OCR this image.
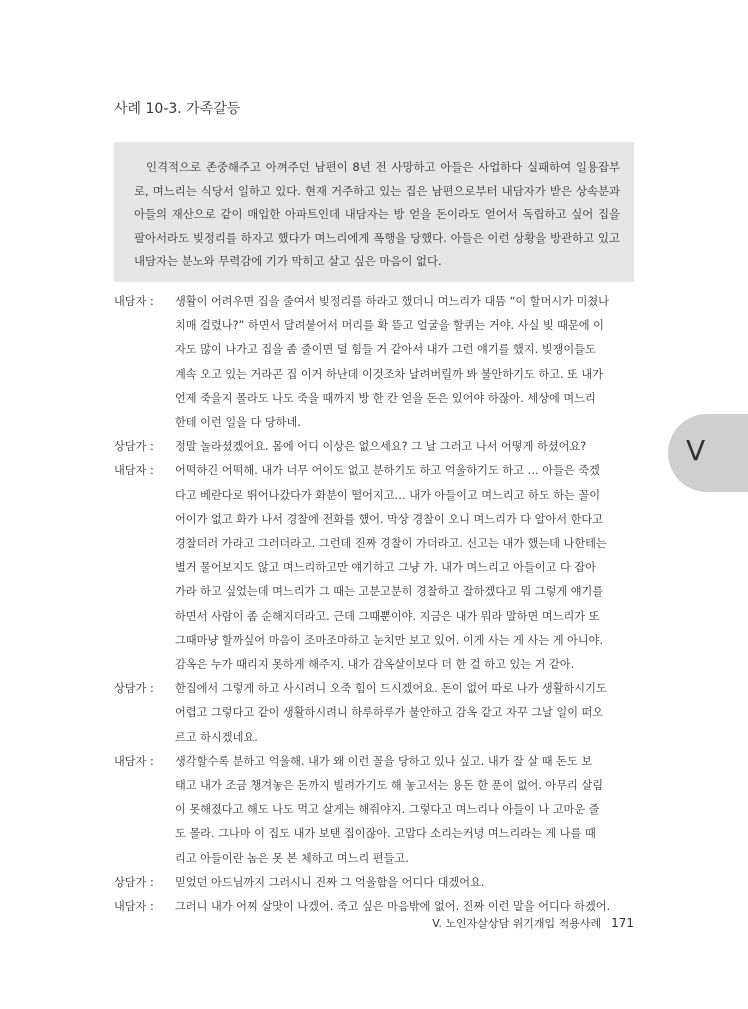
사례 10-3. 가족갈등

인격적으로 존중해주고 아껴주던 남편이 8년 전 사망하고 아들은 사업하다 실패하여 일용잡부로, 며느리는 식당서 일하고 있다. 현재 거주하고 있는 집은 남편으로부터 내담자가 받은 상속분과 아들의 재산으로 같이 매입한 아파트인데 내담자는 방 얻을 돈이라도 얻어서 독립하고 싶어 집을 팔아서라도 빚정리를 하자고 했다가 며느리에게 폭행을 당했다. 아들은 이런 상황을 방관하고 있고 내담자는 분노와 무력감에 기가 막히고 살고 싶은 마음이 없다.

내담자 :	생활이 어려우면 집을 줄여서 빚정리를 하라고 했더니 며느리가 대뜸 “이 할머시가 미쳤나
치매 걸렸나?” 하면서 달려붙어서 머리를 확 뜯고 얼굴을 할퀴는 거야. 사실 빚 때문에 이
자도 많이 나가고 집을 좀 줄이면 덜 힘들 거 같아서 내가 그런 얘기를 했지. 빚쟁이들도
계속 오고 있는 거라곤 집 이거 하난데 이것조차 날려버릴까 봐 불안하기도 하고. 또 내가
언제 죽을지 몰라도 나도 죽을 때까지 방 한 칸 얻을 돈은 있어야 하잖아. 세상에 며느리
한테 이런 일을 다 당하네.
상담가 :	정말 놀라셨겠어요. 몸에 어디 이상은 없으세요? 그 날 그러고 나서 어떻게 하셨어요?
내담자 :	어떡하긴 어떡해. 내가 너무 어이도 없고 분하기도 하고 억울하기도 하고 … 아들은 죽겠
다고 베란다로 뛰어나갔다가 화분이 떨어지고… 내가 아들이고 며느리고 하도 하는 꼴이
어이가 없고 화가 나서 경찰에 전화를 했어. 막상 경찰이 오니 며느리가 다 알아서 한다고
경찰더러 가라고 그러더라고. 그런데 진짜 경찰이 가더라고. 신고는 내가 했는데 나한테는
별거 물어보지도 않고 며느리하고만 얘기하고 그냥 가. 내가 며느리고 아들이고 다 잡아
가라 하고 싶었는데 며느리가 그 때는 고분고분히 경찰하고 잘하겠다고 뭐 그렇게 얘기를
하면서 사람이 좀 순해지더라고. 근데 그때뿐이야. 지금은 내가 뭐라 말하면 며느리가 또
그때마냥 할까싶어 마음이 조마조마하고 눈치만 보고 있어. 이게 사는 게 사는 게 아니야.
감옥은 누가 때리지 못하게 해주지. 내가 감옥살이보다 더 한 걸 하고 있는 거 같아.
상담가 :	한집에서 그렇게 하고 사시려니 오죽 힘이 드시겠어요. 돈이 없어 따로 나가 생활하시기도
어렵고 그렇다고 같이 생활하시려니 하루하루가 불안하고 감옥 같고 자꾸 그날 일이 떠오
르고 하시겠네요.
내담자 :	생각할수록 분하고 억울해. 내가 왜 이런 꼴을 당하고 있나 싶고. 내가 잘 살 때 돈도 보
태고 내가 조금 챙겨놓은 돈까지 빌려가기도 해 놓고서는 용돈 한 푼이 없어. 아무리 살림
이 못해졌다고 해도 나도 먹고 살게는 해줘야지. 그렇다고 며느리나 아들이 나 고마운 줄
도 몰라. 그나마 이 집도 내가 보탠 집이잖아. 고맙다 소리는커녕 며느리라는 게 나를 때
리고 아들이란 놈은 못 본 체하고 며느리 편들고.
상담가 :	믿었던 아드님까지 그러시니 진짜 그 억울함을 어디다 대겠어요.
내담자 :	그러니 내가 어찌 살맛이 나겠어. 죽고 싶은 마음밖에 없어. 진짜 이런 말을 어디다 하겠어.
V
V. 노인자살상담 위기개입 적용사례 171
